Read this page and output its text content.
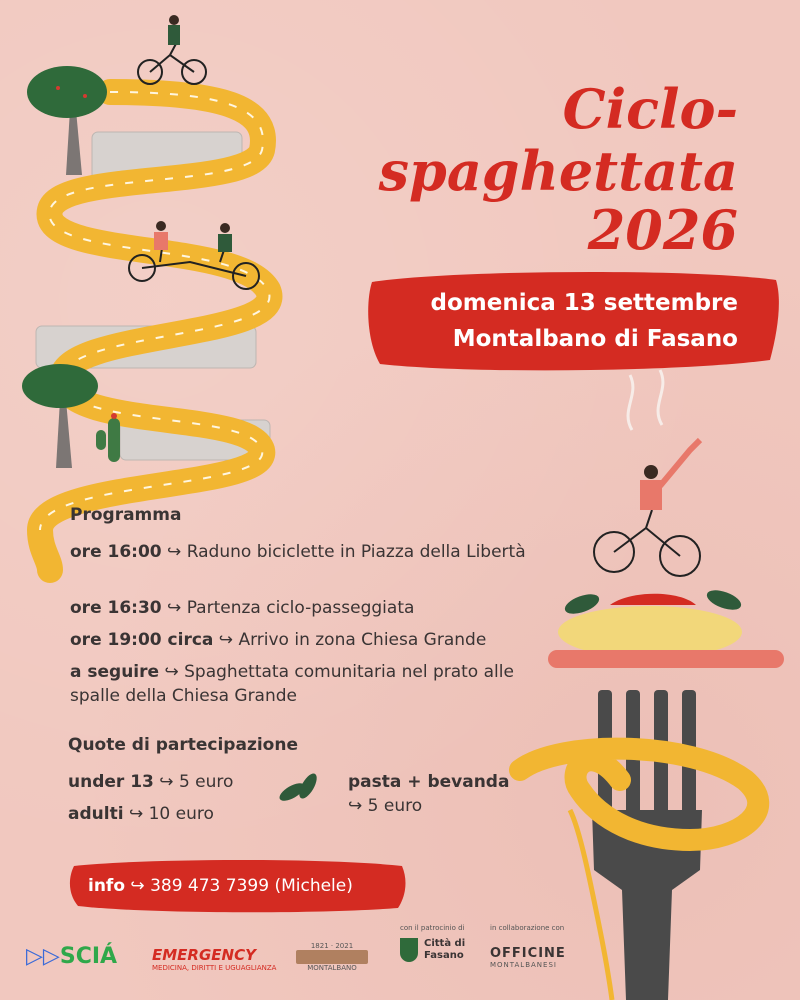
Ciclo-
spaghettata
2026
domenica 13 settembre
Montalbano di Fasano
Programma
ore 16:00 ↪ Raduno biciclette in Piazza della Libertà
ore 16:30 ↪ Partenza ciclo-passeggiata
ore 19:00 circa ↪ Arrivo in zona Chiesa Grande
a seguire ↪ Spaghettata comunitaria nel prato alle spalle della Chiesa Grande
Quote di partecipazione
under 13 ↪ 5 euro
adulti ↪ 10 euro
pasta + bevanda
↪ 5 euro
info ↪ 389 473 7399 (Michele)
▷▷SCIÁ EMERGENCY
MEDICINA, DIRITTI E UGUAGLIANZA
1821 · 2021
MONTALBANO
con il patrocinio di
Città di
Fasano
in collaborazione con
OFFICINE
MONTALBANESI
